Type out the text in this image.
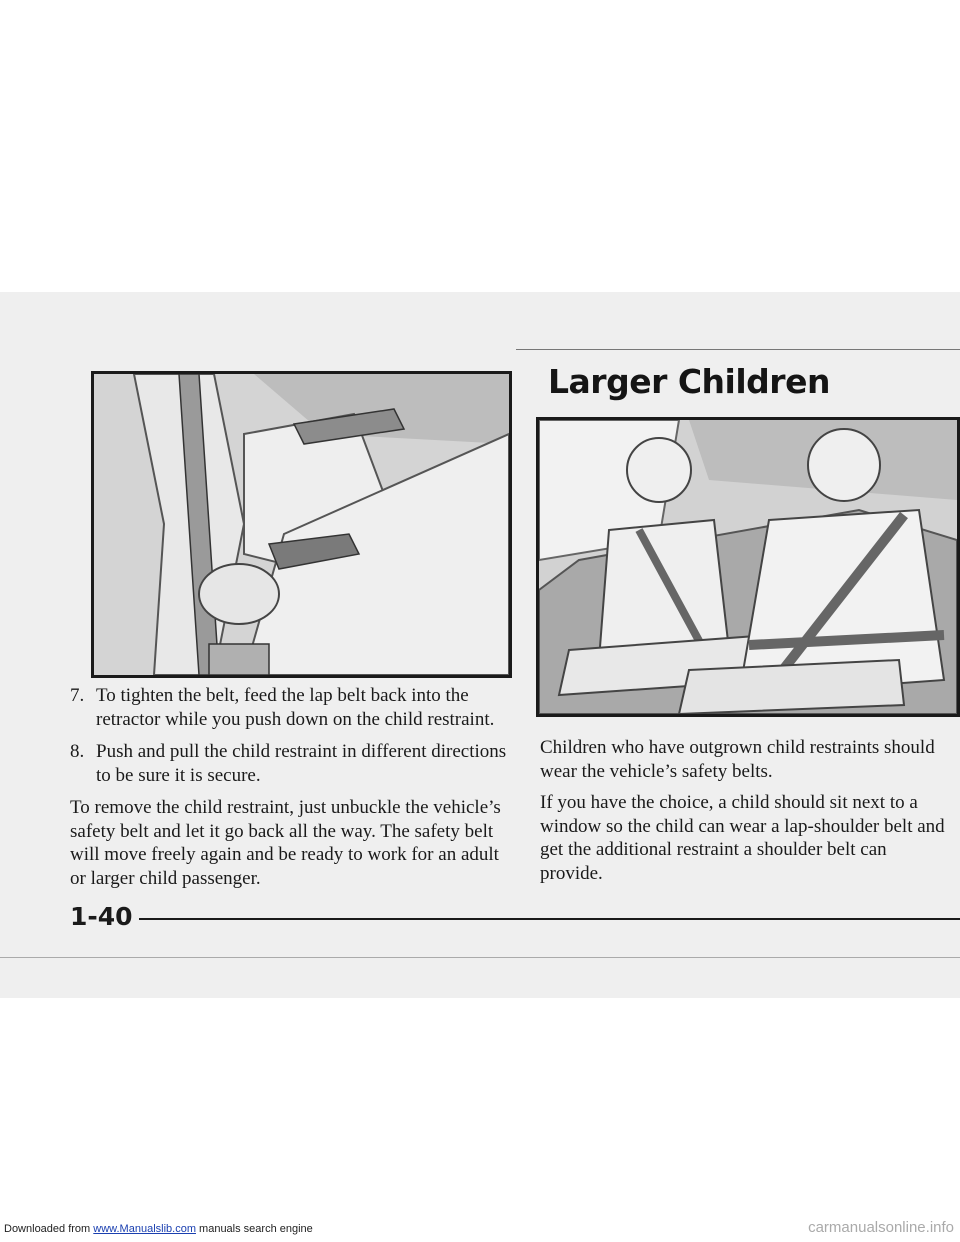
Larger Children
7. To tighten the belt, feed the lap belt back into the retractor while you push down on the child restraint.
8. Push and pull the child restraint in different directions to be sure it is secure.

To remove the child restraint, just unbuckle the vehicle’s safety belt and let it go back all the way. The safety belt will move freely again and be ready to work for an adult or larger child passenger.

Children who have outgrown child restraints should wear the vehicle’s safety belts.

If you have the choice, a child should sit next to a window so the child can wear a lap-shoulder belt and get the additional restraint a shoulder belt can provide.

1-40
Downloaded from www.Manualslib.com manuals search engine	carmanualsonline.info
